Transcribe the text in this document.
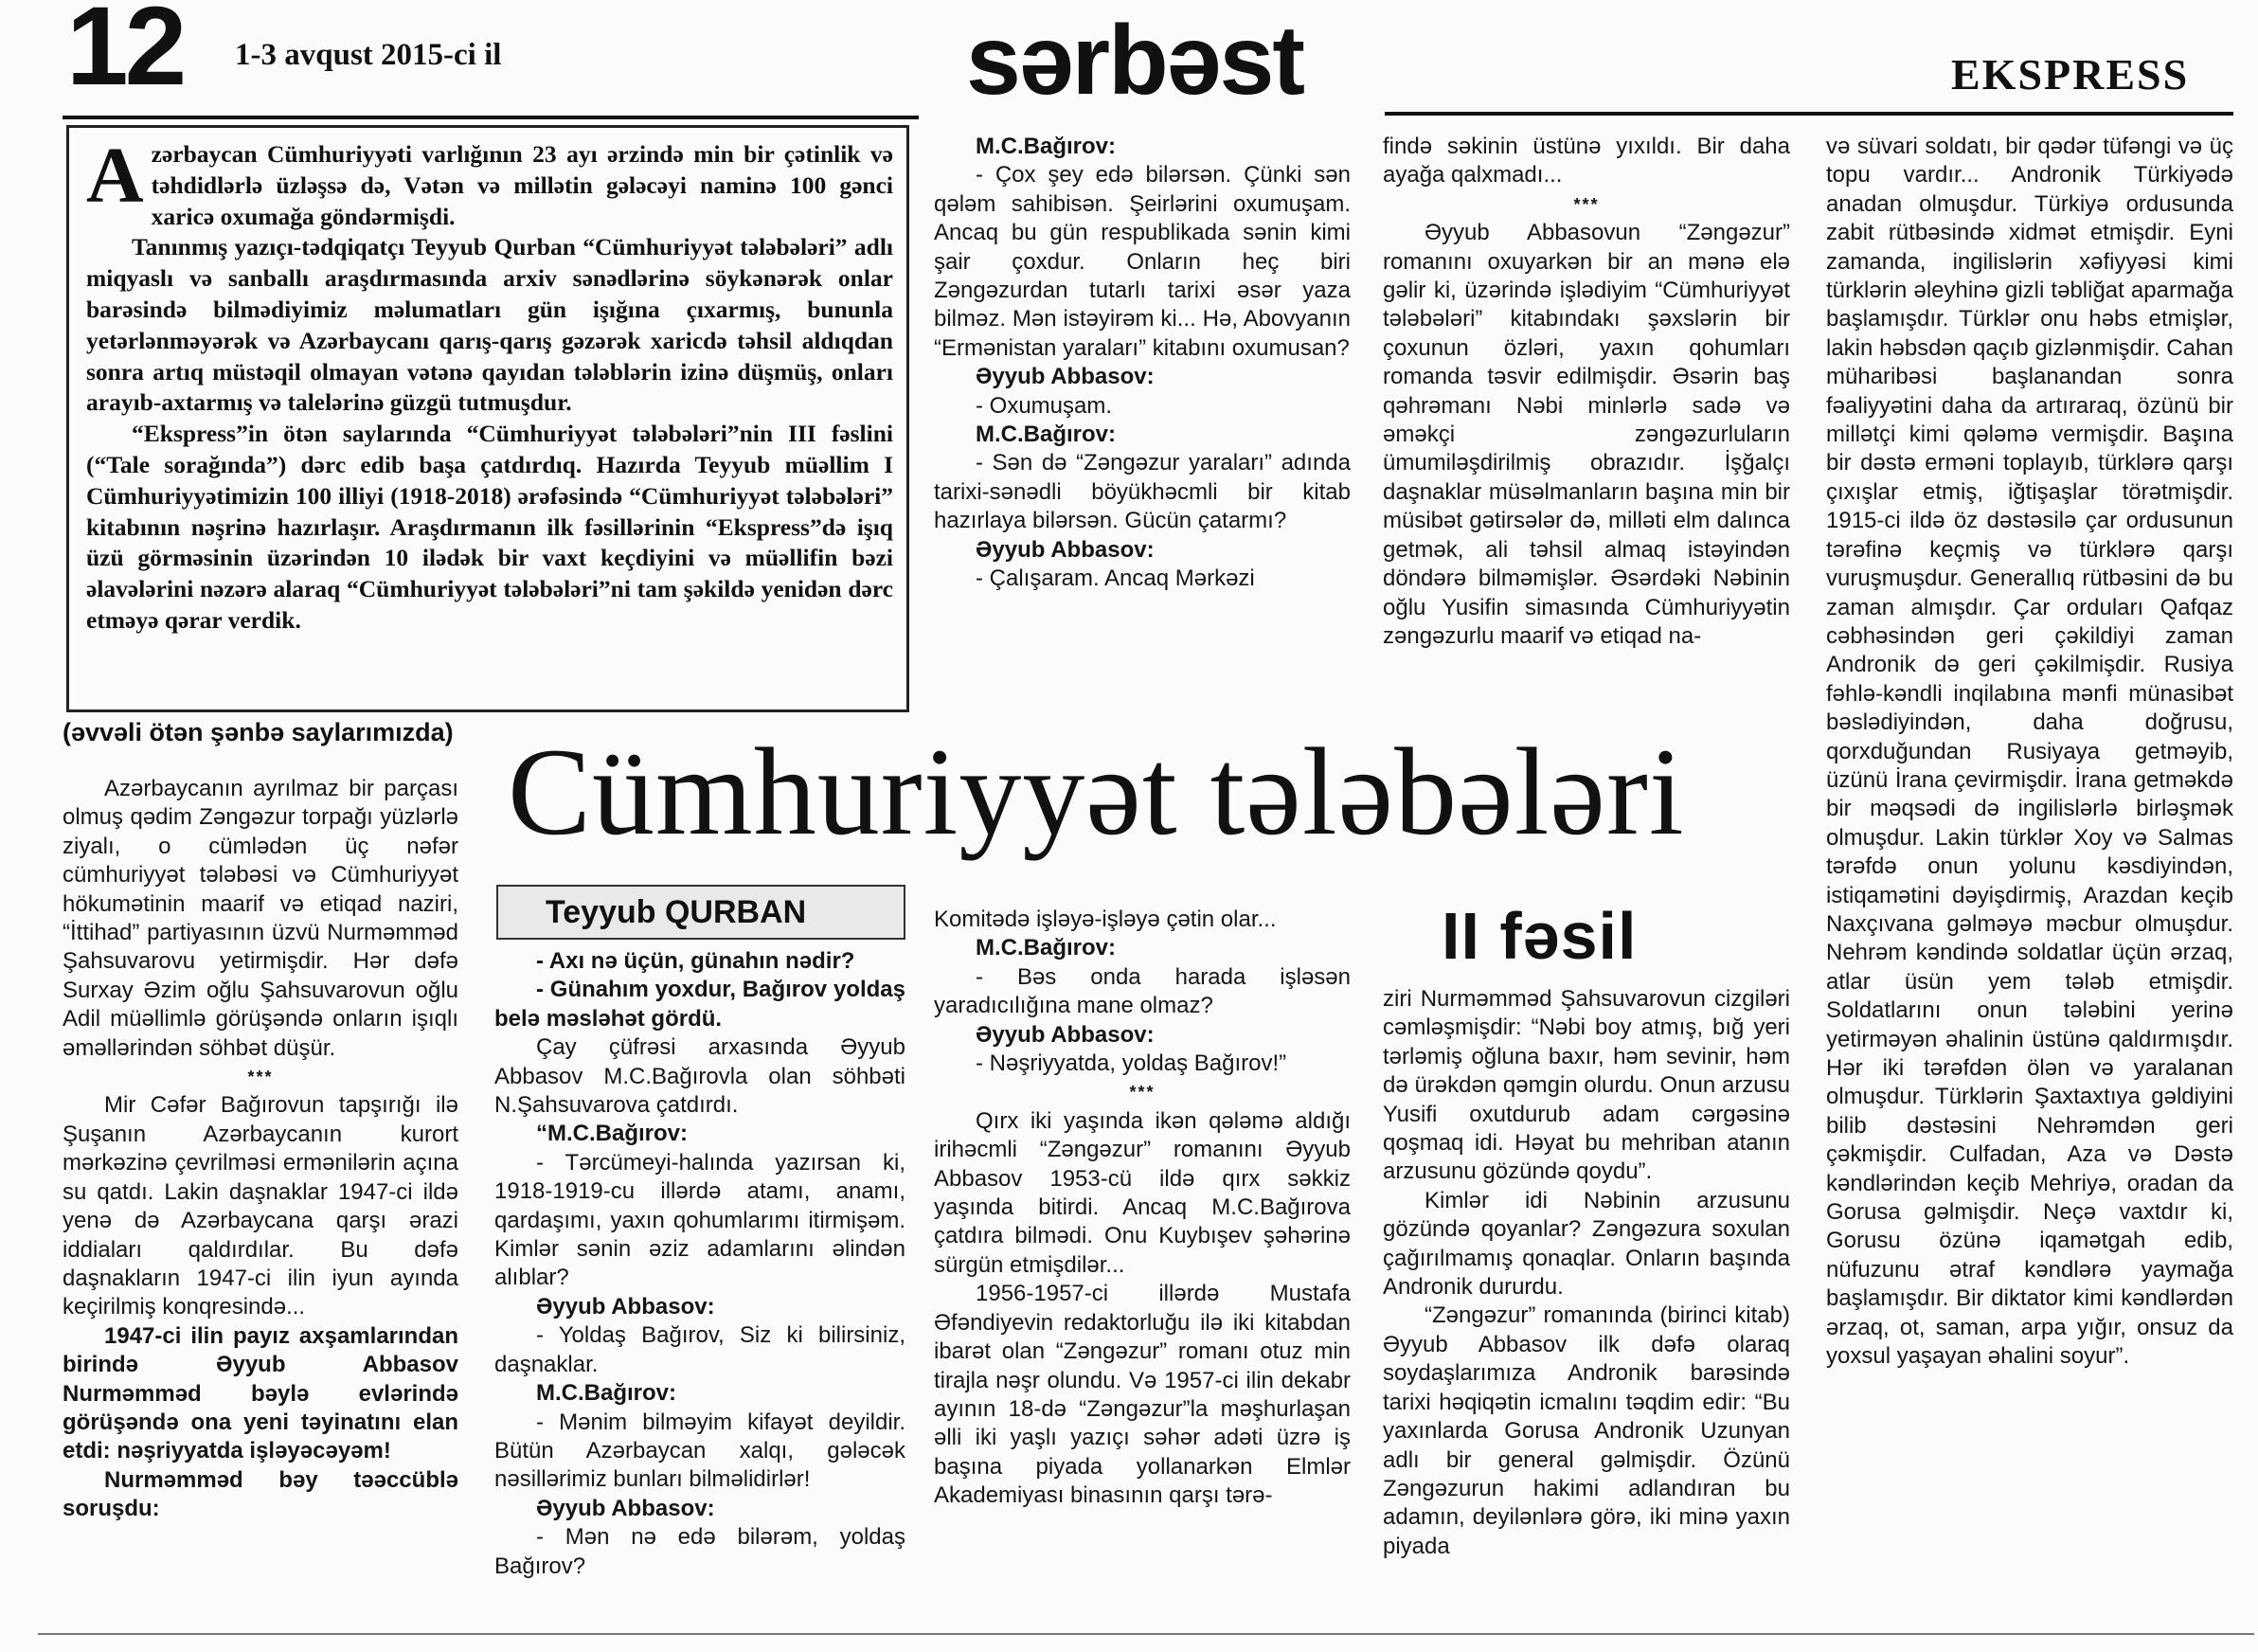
12 1-3 avqust 2015-ci il	sərbəst	EKSPRESS

Azərbaycan Cümhuriyyəti varlığının 23 ayı ərzində min bir çətinlik və təhdidlərlə üzləşsə də, Vətən və millətin gələcəyi naminə 100 gənci xaricə oxumağa göndərmişdi.

Tanınmış yazıçı-tədqiqatçı Teyyub Qurban “Cümhuriyyət tələbələri” adlı miqyaslı və sanballı araşdırmasında arxiv sənədlərinə söykənərək onlar barəsində bilmədiyimiz məlumatları gün işığına çıxarmış, bununla yetərlənməyərək və Azərbaycanı qarış-qarış gəzərək xaricdə təhsil aldıqdan sonra artıq müstəqil olmayan vətənə qayıdan tələblərin izinə düşmüş, onları arayıb-axtarmış və talelərinə güzgü tutmuşdur.

“Ekspress”in ötən saylarında “Cümhuriyyət tələbələri”nin III fəslini (“Tale sorağında”) dərc edib başa çatdırdıq. Hazırda Teyyub müəllim I Cümhuriyyətimizin 100 illiyi (1918-2018) ərəfəsində “Cümhuriyyət tələbələri” kitabının nəşrinə hazırlaşır. Araşdırmanın ilk fəsillərinin “Ekspress”də işıq üzü görməsinin üzərindən 10 ilədək bir vaxt keçdiyini və müəllifin bəzi əlavələrini nəzərə alaraq “Cümhuriyyət tələbələri”ni tam şəkildə yenidən dərc etməyə qərar verdik.

(əvvəli ötən şənbə saylarımızda) Cümhuriyyət tələbələri
Teyyub QURBAN	II fəsil

Azərbaycanın ayrılmaz bir parçası olmuş qədim Zəngəzur torpağı yüzlərlə ziyalı, o cümlədən üç nəfər cümhuriyyət tələbəsi və Cümhuriyyət hökumətinin maarif və etiqad naziri, “İttihad” partiyasının üzvü Nurməmməd Şahsuvarovu yetirmişdir. Hər dəfə Surxay Əzim oğlu Şahsuvarovun oğlu Adil müəllimlə görüşəndə onların işıqlı əməllərindən söhbət düşür.

***

Mir Cəfər Bağırovun tapşırığı ilə Şuşanın Azərbaycanın kurort mərkəzinə çevrilməsi ermənilərin açına su qatdı. Lakin daşnaklar 1947-ci ildə yenə də Azərbaycana qarşı ərazi iddiaları qaldırdılar. Bu dəfə daşnakların 1947-ci ilin iyun ayında keçirilmiş konqresində...

1947-ci ilin payız axşamlarından birində Əyyub Abbasov Nurməmməd bəylə evlərində görüşəndə ona yeni təyinatını elan etdi: nəşriyyatda işləyəcəyəm!

Nurməmməd bəy təəccüblə soruşdu:

- Axı nə üçün, günahın nədir?

- Günahım yoxdur, Bağırov yoldaş belə məsləhət gördü.

Çay çüfrəsi arxasında Əyyub Abbasov M.C.Bağırovla olan söhbəti N.Şahsuvarova çatdırdı.

“M.C.Bağırov:

- Tərcümeyi-halında yazırsan ki, 1918-1919-cu illərdə atamı, anamı, qardaşımı, yaxın qohumlarımı itirmişəm. Kimlər sənin əziz adamlarını əlindən alıblar?

Əyyub Abbasov:

- Yoldaş Bağırov, Siz ki bilirsiniz, daşnaklar.

M.C.Bağırov:

- Mənim bilməyim kifayət deyildir. Bütün Azərbaycan xalqı, gələcək nəsillərimiz bunları bilməlidirlər!

Əyyub Abbasov:

- Mən nə edə bilərəm, yoldaş Bağırov?

M.C.Bağırov:

- Çox şey edə bilərsən. Çünki sən qələm sahibisən. Şeirlərini oxumuşam. Ancaq bu gün respublikada sənin kimi şair çoxdur. Onların heç biri Zəngəzurdan tutarlı tarixi əsər yaza bilməz. Mən istəyirəm ki... Hə, Abovyanın “Ermənistan yaraları” kitabını oxumusan?

Əyyub Abbasov:

- Oxumuşam.

M.C.Bağırov:

- Sən də “Zəngəzur yaraları” adında tarixi-sənədli böyükhəcmli bir kitab hazırlaya bilərsən. Gücün çatarmı?

Əyyub Abbasov:

- Çalışaram. Ancaq Mərkəzi

Komitədə işləyə-işləyə çətin olar...

M.C.Bağırov:

- Bəs onda harada işləsən yaradıcılığına mane olmaz?

Əyyub Abbasov:

- Nəşriyyatda, yoldaş Bağırov!”

***

Qırx iki yaşında ikən qələmə aldığı irihəcmli “Zəngəzur” romanını Əyyub Abbasov 1953-cü ildə qırx səkkiz yaşında bitirdi. Ancaq M.C.Bağırova çatdıra bilmədi. Onu Kuybışev şəhərinə sürgün etmişdilər...

1956-1957-ci illərdə Mustafa Əfəndiyevin redaktorluğu ilə iki kitabdan ibarət olan “Zəngəzur” romanı otuz min tirajla nəşr olundu. Və 1957-ci ilin dekabr ayının 18-də “Zəngəzur”la məşhurlaşan əlli iki yaşlı yazıçı səhər adəti üzrə iş başına piyada yollanarkən Elmlər Akademiyası binasının qarşı tərə-

fində səkinin üstünə yıxıldı. Bir daha ayağa qalxmadı...

***

Əyyub Abbasovun “Zəngəzur” romanını oxuyarkən bir an mənə elə gəlir ki, üzərində işlədiyim “Cümhuriyyət tələbələri” kitabındakı şəxslərin bir çoxunun özləri, yaxın qohumları romanda təsvir edilmişdir. Əsərin baş qəhrəmanı Nəbi minlərlə sadə və əməkçi zəngəzurluların ümumiləşdirilmiş obrazıdır. İşğalçı daşnaklar müsəlmanların başına min bir müsibət gətirsələr də, milləti elm dalınca getmək, ali təhsil almaq istəyindən döndərə bilməmişlər. Əsərdəki Nəbinin oğlu Yusifin simasında Cümhuriyyətin zəngəzurlu maarif və etiqad na-

ziri Nurməmməd Şahsuvarovun cizgiləri cəmləşmişdir: “Nəbi boy atmış, bığ yeri tərləmiş oğluna baxır, həm sevinir, həm də ürəkdən qəmgin olurdu. Onun arzusu Yusifi oxutdurub adam cərgəsinə qoşmaq idi. Həyat bu mehriban atanın arzusunu gözündə qoydu”.

Kimlər idi Nəbinin arzusunu gözündə qoyanlar? Zəngəzura soxulan çağırılmamış qonaqlar. Onların başında Andronik dururdu.

“Zəngəzur” romanında (birinci kitab) Əyyub Abbasov ilk dəfə olaraq soydaşlarımıza Andronik barəsində tarixi həqiqətin icmalını təqdim edir: “Bu yaxınlarda Gorusa Andronik Uzunyan adlı bir general gəlmişdir. Özünü Zəngəzurun hakimi adlandıran bu adamın, deyilənlərə görə, iki minə yaxın piyada

və süvari soldatı, bir qədər tüfəngi və üç topu vardır... Andronik Türkiyədə anadan olmuşdur. Türkiyə ordusunda zabit rütbəsində xidmət etmişdir. Eyni zamanda, ingilislərin xəfiyyəsi kimi türklərin əleyhinə gizli təbliğat aparmağa başlamışdır. Türklər onu həbs etmişlər, lakin həbsdən qaçıb gizlənmişdir. Cahan müharibəsi başlanandan sonra fəaliyyətini daha da artıraraq, özünü bir millətçi kimi qələmə vermişdir. Başına bir dəstə erməni toplayıb, türklərə qarşı çıxışlar etmiş, iğtişaşlar törətmişdir. 1915-ci ildə öz dəstəsilə çar ordusunun tərəfinə keçmiş və türklərə qarşı vuruşmuşdur. Generallıq rütbəsini də bu zaman almışdır. Çar orduları Qafqaz cəbhəsindən geri çəkildiyi zaman Andronik də geri çəkilmişdir. Rusiya fəhlə-kəndli inqilabına mənfi münasibət bəslədiyindən, daha doğrusu, qorxduğundan Rusiyaya getməyib, üzünü İrana çevirmişdir. İrana getməkdə bir məqsədi də ingilislərlə birləşmək olmuşdur. Lakin türklər Xoy və Salmas tərəfdə onun yolunu kəsdiyindən, istiqamətini dəyişdirmiş, Arazdan keçib Naxçıvana gəlməyə məcbur olmuşdur. Nehrəm kəndində soldatlar üçün ərzaq, atlar üsün yem tələb etmişdir. Soldatlarını onun tələbini yerinə yetirməyən əhalinin üstünə qaldırmışdır. Hər iki tərəfdən ölən və yaralanan olmuşdur. Türklərin Şaxtaxtıya gəldiyini bilib dəstəsini Nehrəmdən geri çəkmişdir. Culfadan, Aza və Dəstə kəndlərindən keçib Mehriyə, oradan da Gorusa gəlmişdir. Neçə vaxtdır ki, Gorusu özünə iqamətgah edib, nüfuzunu ətraf kəndlərə yaymağa başlamışdır. Bir diktator kimi kəndlərdən ərzaq, ot, saman, arpa yığır, onsuz da yoxsul yaşayan əhalini soyur”.
